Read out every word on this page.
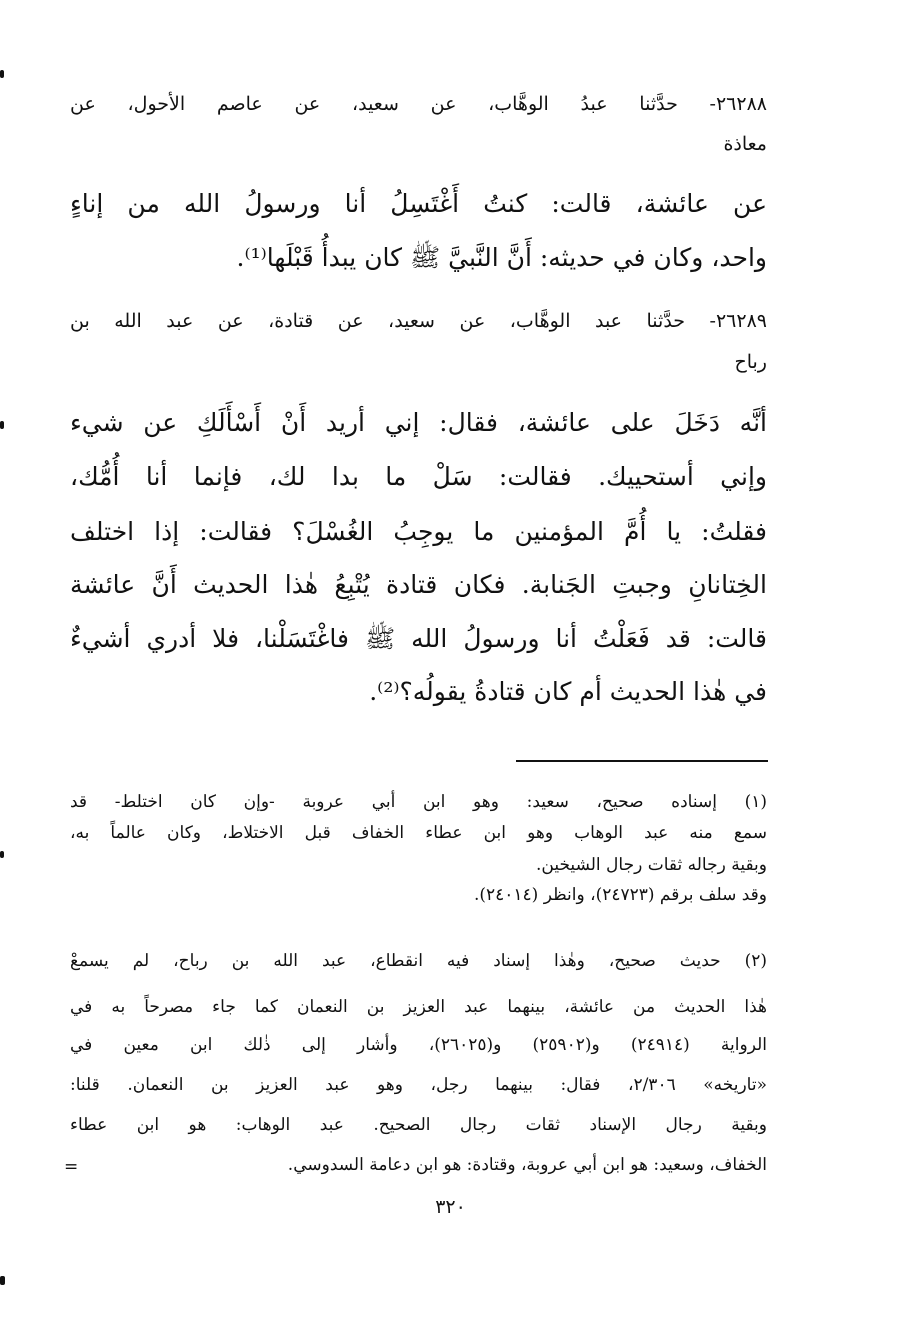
٢٦٢٨٨- حدَّثنا عبدُ الوهَّاب، عن سعيد، عن عاصم الأحول، عن
معاذة
عن عائشة، قالت: كنتُ أَغْتَسِلُ أنا ورسولُ الله من إناءٍ
واحد، وكان في حديثه: أَنَّ النَّبيَّ ﷺ كان يبدأُ قَبْلَها⁽¹⁾.
٢٦٢٨٩- حدَّثنا عبد الوهَّاب، عن سعيد، عن قتادة، عن عبد الله بن
رباح
أنَّه دَخَلَ على عائشة، فقال: إني أريد أَنْ أَسْأَلَكِ عن شيء
وإني أستحييك. فقالت: سَلْ ما بدا لك، فإنما أنا أُمُّك،
فقلتُ: يا أُمَّ المؤمنين ما يوجِبُ الغُسْلَ؟ فقالت: إذا اختلف
الخِتانانِ وجبتِ الجَنابة. فكان قتادة يُتْبِعُ هٰذا الحديث أَنَّ عائشة
قالت: قد فَعَلْتُ أنا ورسولُ الله ﷺ فاغْتَسَلْنا، فلا أدري أشيءٌ
في هٰذا الحديث أم كان قتادةُ يقولُه؟⁽²⁾.
(١) إسناده صحيح، سعيد: وهو ابن أبي عروبة -وإن كان اختلط- قد
سمع منه عبد الوهاب وهو ابن عطاء الخفاف قبل الاختلاط، وكان عالماً به،
وبقية رجاله ثقات رجال الشيخين.
وقد سلف برقم (٢٤٧٢٣)، وانظر (٢٤٠١٤).
(٢) حديث صحيح، وهٰذا إسناد فيه انقطاع، عبد الله بن رباح، لم يسمعْ
هٰذا الحديث من عائشة، بينهما عبد العزيز بن النعمان كما جاء مصرحاً به في
الرواية (٢٤٩١٤) و(٢٥٩٠٢) و(٢٦٠٢٥)، وأشار إلى ذٰلك ابن معين في
«تاريخه» ٢/٣٠٦، فقال: بينهما رجل، وهو عبد العزيز بن النعمان. قلنا:
وبقية رجال الإسناد ثقات رجال الصحيح. عبد الوهاب: هو ابن عطاء
الخفاف، وسعيد: هو ابن أبي عروبة، وقتادة: هو ابن دعامة السدوسي.
=
٣٢٠
